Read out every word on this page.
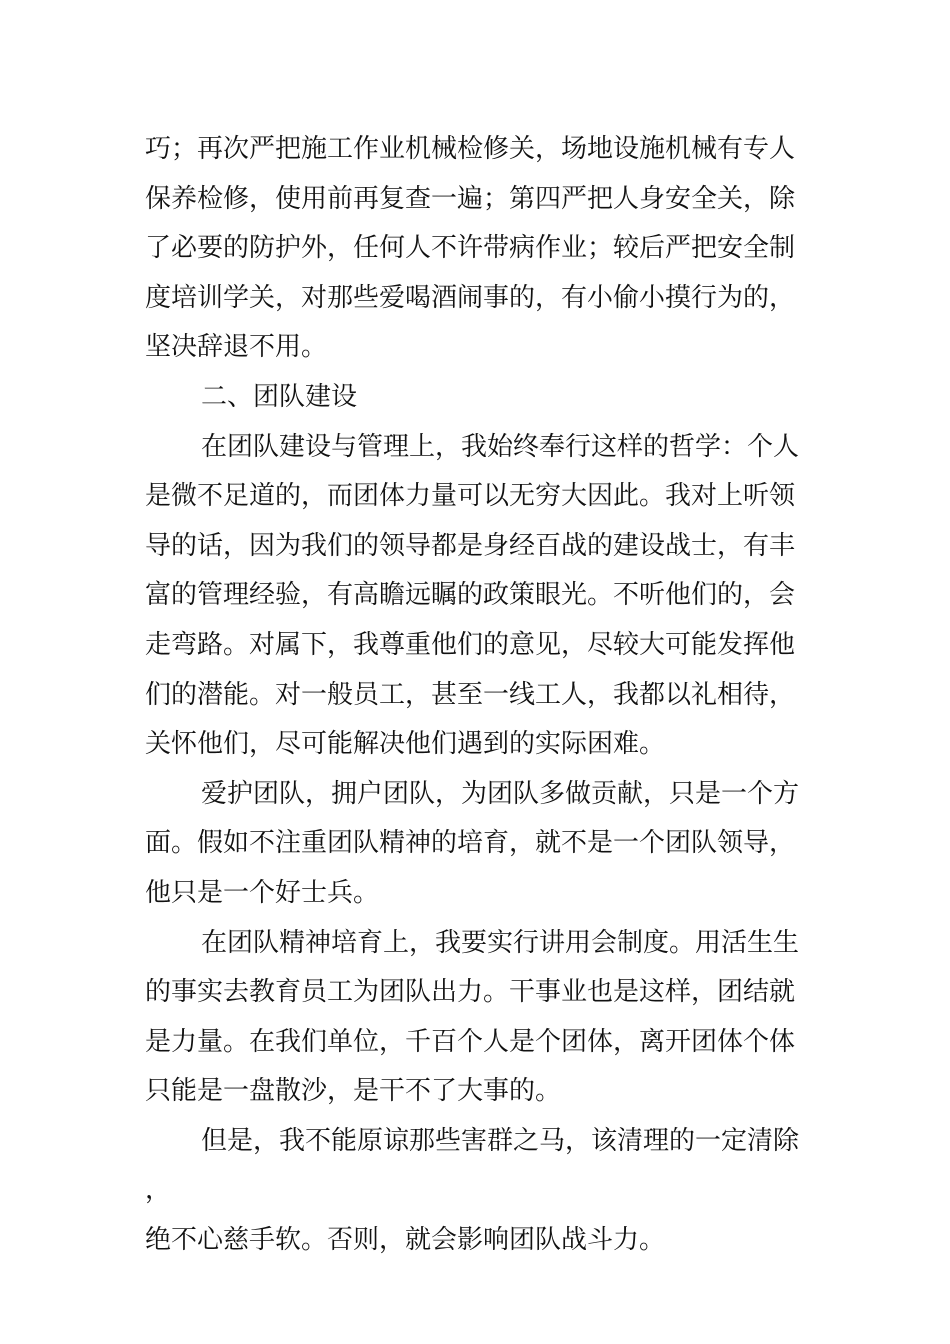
巧；再次严把施工作业机械检修关，场地设施机械有专人
保养检修，使用前再复查一遍；第四严把人身安全关，除
了必要的防护外，任何人不许带病作业；较后严把安全制
度培训学关，对那些爱喝酒闹事的，有小偷小摸行为的，
坚决辞退不用。
二、团队建设
在团队建设与管理上，我始终奉行这样的哲学：个人
是微不足道的，而团体力量可以无穷大因此。我对上听领
导的话，因为我们的领导都是身经百战的建设战士，有丰
富的管理经验，有高瞻远瞩的政策眼光。不听他们的，会
走弯路。对属下，我尊重他们的意见，尽较大可能发挥他
们的潜能。对一般员工，甚至一线工人，我都以礼相待，
关怀他们，尽可能解决他们遇到的实际困难。
爱护团队，拥户团队，为团队多做贡献，只是一个方
面。假如不注重团队精神的培育，就不是一个团队领导，
他只是一个好士兵。
在团队精神培育上，我要实行讲用会制度。用活生生
的事实去教育员工为团队出力。干事业也是这样，团结就
是力量。在我们单位，千百个人是个团体，离开团体个体
只能是一盘散沙，是干不了大事的。
但是，我不能原谅那些害群之马，该清理的一定清除，
绝不心慈手软。否则，就会影响团队战斗力。
